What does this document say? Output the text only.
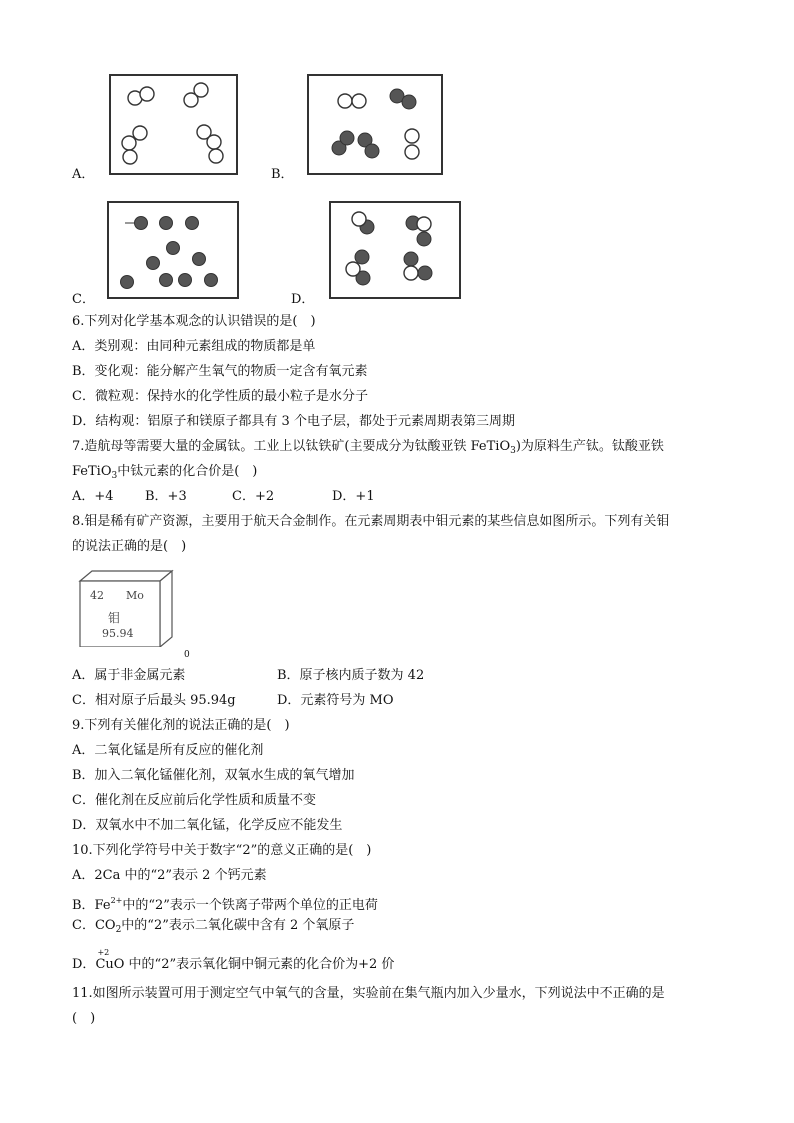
A．	B．
C．	D．
6.下列对化学基本观念的认识错误的是(　)
A．类别观：由同种元素组成的物质都是单
B．变化观：能分解产生氧气的物质一定含有氧元素
C．微粒观：保持水的化学性质的最小粒子是水分子
D．结构观：铝原子和镁原子都具有 3 个电子层，都处于元素周期表第三周期
7.造航母等需要大量的金属钛。工业上以钛铁矿(主要成分为钛酸亚铁 FeTiO$_3$)为原料生产钛。钛酸亚铁
FeTiO$_3$中钛元素的化合价是(　)
A．+4 B．+3	C．+2	D．+1
8.钼是稀有矿产资源，主要用于航天合金制作。在元素周期表中钼元素的某些信息如图所示。下列有关钼
的说法正确的是(　)
42 Mo
钼
95.94
0
A．属于非金属元素	B．原子核内质子数为 42
C．相对原子后最头 95.94g	D．元素符号为 MO
9.下列有关催化剂的说法正确的是(　)
A．二氧化锰是所有反应的催化剂
B．加入二氧化锰催化剂，双氧水生成的氧气增加
C．催化剂在反应前后化学性质和质量不变
D．双氧水中不加二氧化锰，化学反应不能发生
10.下列化学符号中关于数字“2”的意义正确的是(　)
A．2Ca 中的“2”表示 2 个钙元素
B．$Fe^{2+}$中的“2”表示一个铁离子带两个单位的正电荷
C．$CO_2$中的“2”表示二氧化碳中含有 2 个氧原子
D．
+2
CuO 中的“2”表示氧化铜中铜元素的化合价为+2 价
11.如图所示装置可用于测定空气中氧气的含量，实验前在集气瓶内加入少量水，下列说法中不正确的是
(　)
